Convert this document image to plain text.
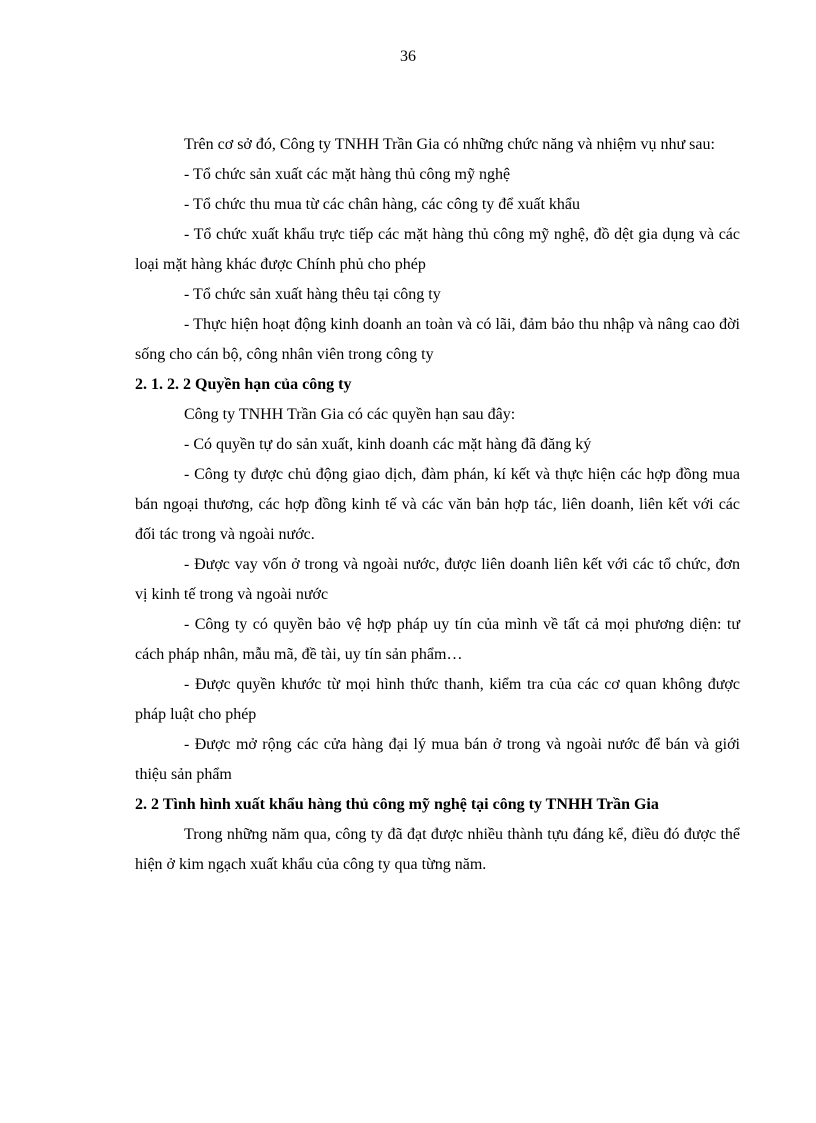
36

Trên cơ sở đó, Công ty TNHH Trần Gia có những chức năng và nhiệm vụ như sau:

- Tổ chức sản xuất các mặt hàng thủ công mỹ nghệ

- Tổ chức thu mua từ các chân hàng, các công ty để xuất khẩu

- Tổ chức xuất khẩu trực tiếp các mặt hàng thủ công mỹ nghệ, đồ dệt gia dụng và các loại mặt hàng khác được Chính phủ cho phép

- Tổ chức sản xuất hàng thêu tại công ty

- Thực hiện hoạt động kinh doanh an toàn và có lãi, đảm bảo thu nhập và nâng cao đời sống cho cán bộ, công nhân viên trong công ty

2. 1. 2. 2 Quyền hạn của công ty

Công ty TNHH Trần Gia có các quyền hạn sau đây:

- Có quyền tự do sản xuất, kinh doanh các mặt hàng đã đăng ký

- Công ty được chủ động giao dịch, đàm phán, kí kết và thực hiện các hợp đồng mua bán ngoại thương, các hợp đồng kinh tế và các văn bản hợp tác, liên doanh, liên kết với các đối tác trong và ngoài nước.

- Được vay vốn ở trong và ngoài nước, được liên doanh liên kết với các tổ chức, đơn vị kinh tế trong và ngoài nước

- Công ty có quyền bảo vệ hợp pháp uy tín của mình về tất cả mọi phương diện: tư cách pháp nhân, mẫu mã, đề tài, uy tín sản phẩm…

- Được quyền khước từ mọi hình thức thanh, kiểm tra của các cơ quan không được pháp luật cho phép

- Được mở rộng các cửa hàng đại lý mua bán ở trong và ngoài nước để bán và giới thiệu sản phẩm

2. 2 Tình hình xuất khẩu hàng thủ công mỹ nghệ tại công ty TNHH Trần Gia

Trong những năm qua, công ty đã đạt được nhiều thành tựu đáng kể, điều đó được thể hiện ở kim ngạch xuất khẩu của công ty qua từng năm.
